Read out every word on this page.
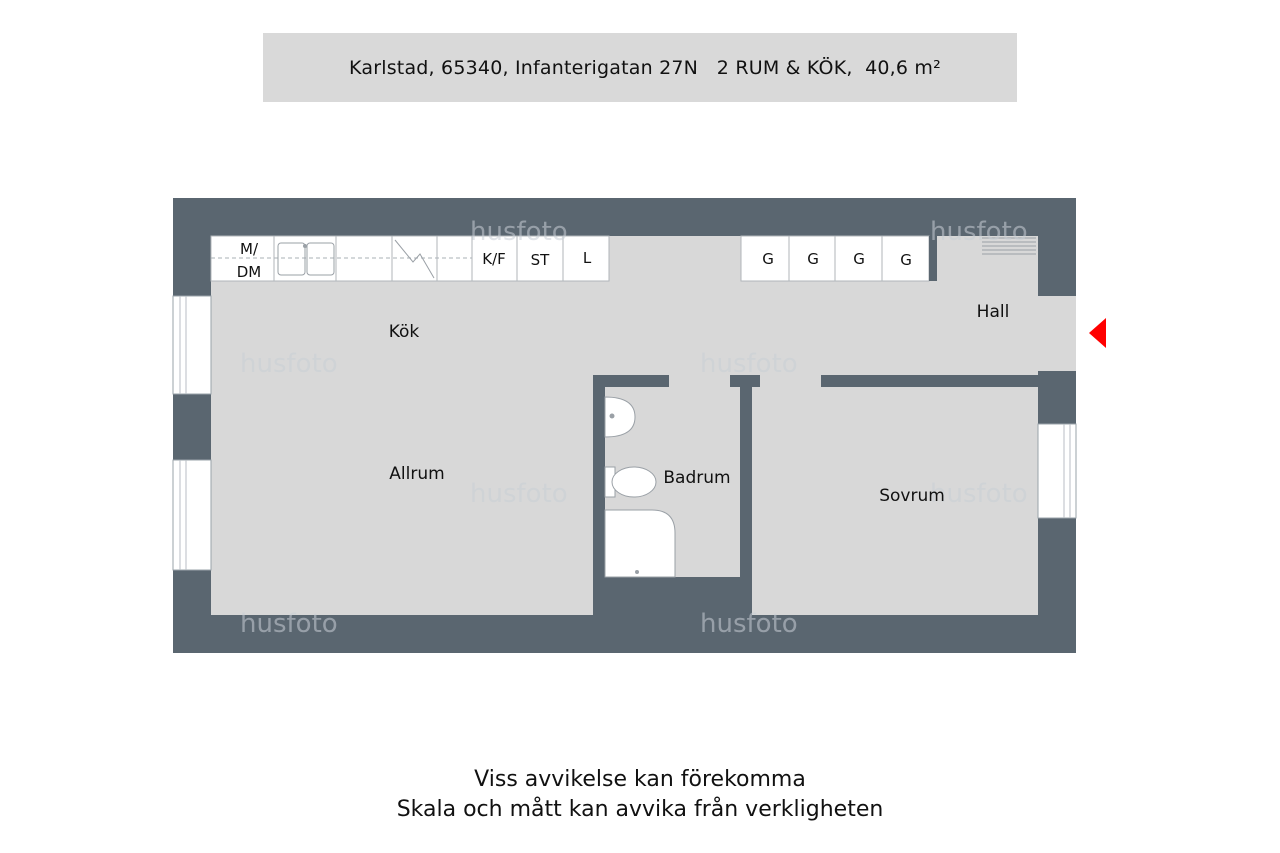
Karlstad, 65340, Infanterigatan 27N   2 RUM & KÖK,  40,6 m²
husfoto	husfoto
husfoto	husfoto
husfoto	husfoto
husfoto	husfoto
M/
DM
K/F ST L	G G G G
Kök
Hall
Allrum	Badrum
Sovrum
Viss avvikelse kan förekomma
Skala och mått kan avvika från verkligheten
